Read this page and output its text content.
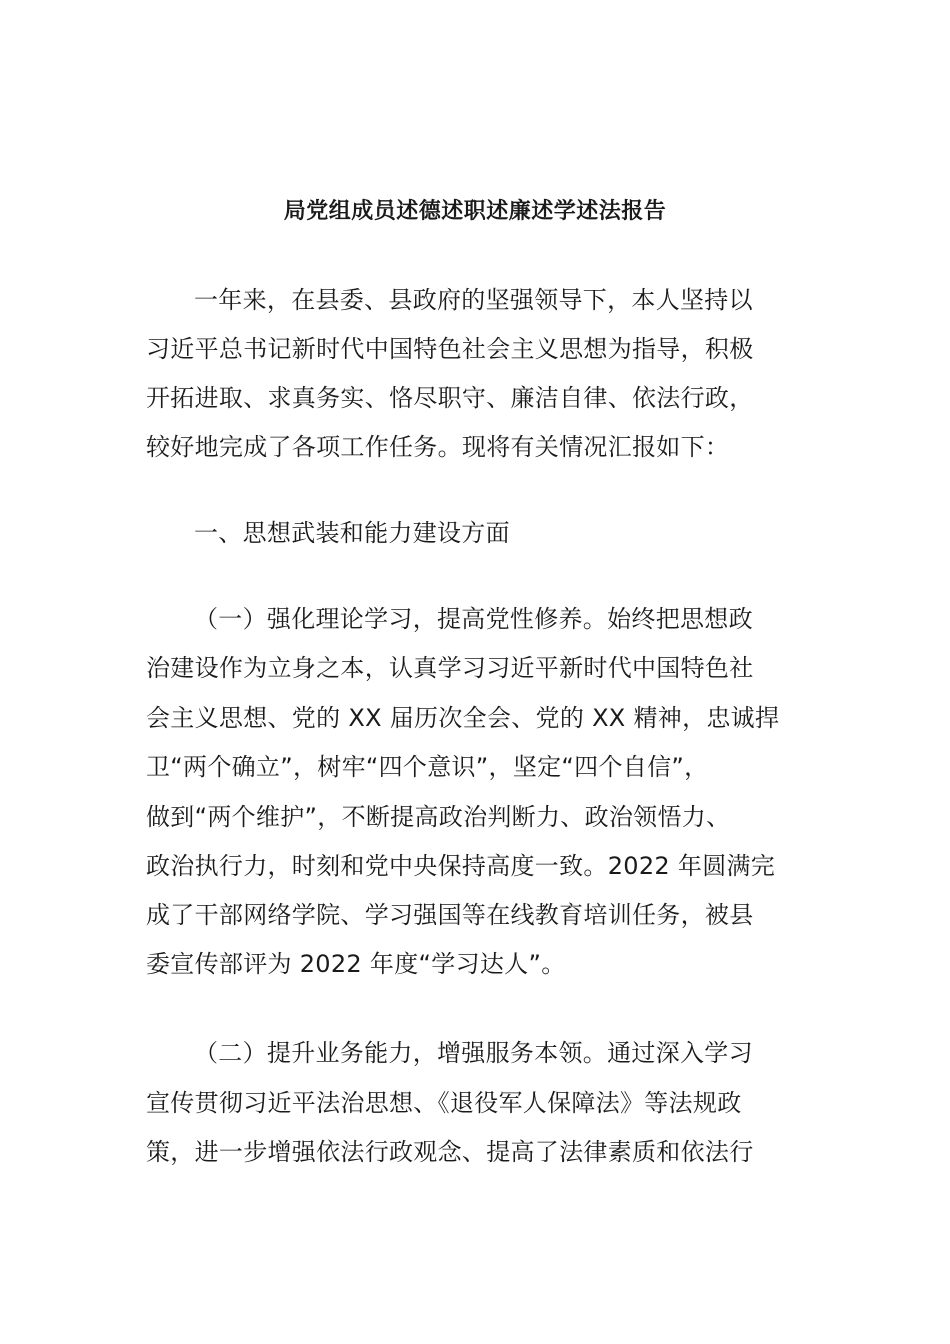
局党组成员述德述职述廉述学述法报告
一年来，在县委、县政府的坚强领导下，本人坚持以
习近平总书记新时代中国特色社会主义思想为指导，积极
开拓进取、求真务实、恪尽职守、廉洁自律、依法行政，
较好地完成了各项工作任务。现将有关情况汇报如下：
一、思想武装和能力建设方面
（一）强化理论学习，提高党性修养。始终把思想政
治建设作为立身之本，认真学习习近平新时代中国特色社
会主义思想、党的 XX 届历次全会、党的 XX 精神，忠诚捍
卫“两个确立”，树牢“四个意识”，坚定“四个自信”，
做到“两个维护”，不断提高政治判断力、政治领悟力、
政治执行力，时刻和党中央保持高度一致。2022 年圆满完
成了干部网络学院、学习强国等在线教育培训任务，被县
委宣传部评为 2022 年度“学习达人”。
（二）提升业务能力，增强服务本领。通过深入学习
宣传贯彻习近平法治思想、《退役军人保障法》等法规政
策，进一步增强依法行政观念、提高了法律素质和依法行
